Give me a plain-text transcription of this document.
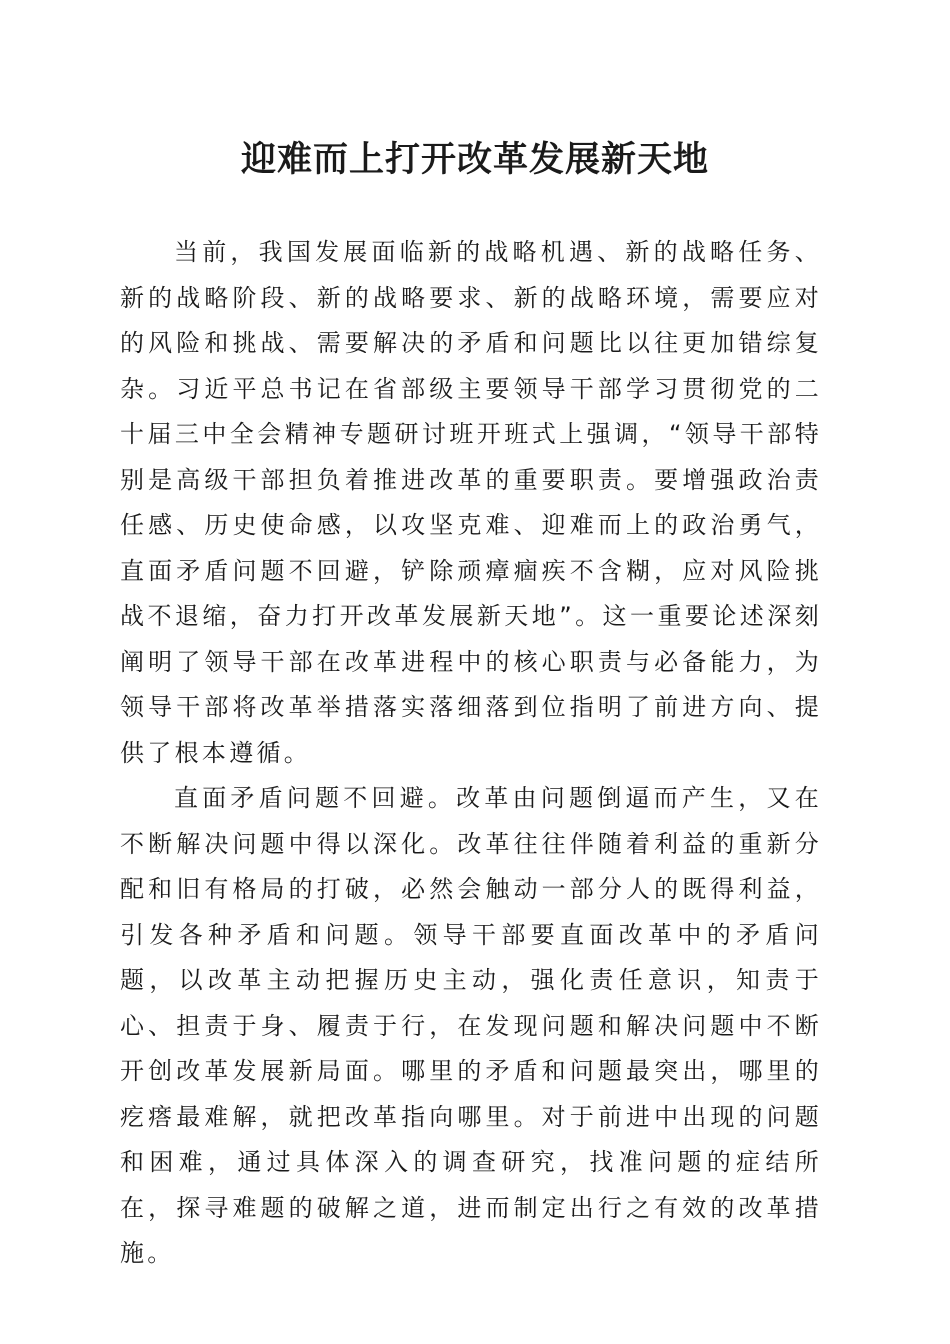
迎难而上打开改革发展新天地

当前，我国发展面临新的战略机遇、新的战略任务、新的战略阶段、新的战略要求、新的战略环境，需要应对的风险和挑战、需要解决的矛盾和问题比以往更加错综复杂。习近平总书记在省部级主要领导干部学习贯彻党的二十届三中全会精神专题研讨班开班式上强调，“领导干部特别是高级干部担负着推进改革的重要职责。要增强政治责任感、历史使命感，以攻坚克难、迎难而上的政治勇气，直面矛盾问题不回避，铲除顽瘴痼疾不含糊，应对风险挑战不退缩，奋力打开改革发展新天地”。这一重要论述深刻阐明了领导干部在改革进程中的核心职责与必备能力，为领导干部将改革举措落实落细落到位指明了前进方向、提供了根本遵循。

直面矛盾问题不回避。改革由问题倒逼而产生，又在不断解决问题中得以深化。改革往往伴随着利益的重新分配和旧有格局的打破，必然会触动一部分人的既得利益，引发各种矛盾和问题。领导干部要直面改革中的矛盾问题，以改革主动把握历史主动，强化责任意识，知责于心、担责于身、履责于行，在发现问题和解决问题中不断开创改革发展新局面。哪里的矛盾和问题最突出，哪里的疙瘩最难解，就把改革指向哪里。对于前进中出现的问题和困难，通过具体深入的调查研究，找准问题的症结所在，探寻难题的破解之道，进而制定出行之有效的改革措施。
